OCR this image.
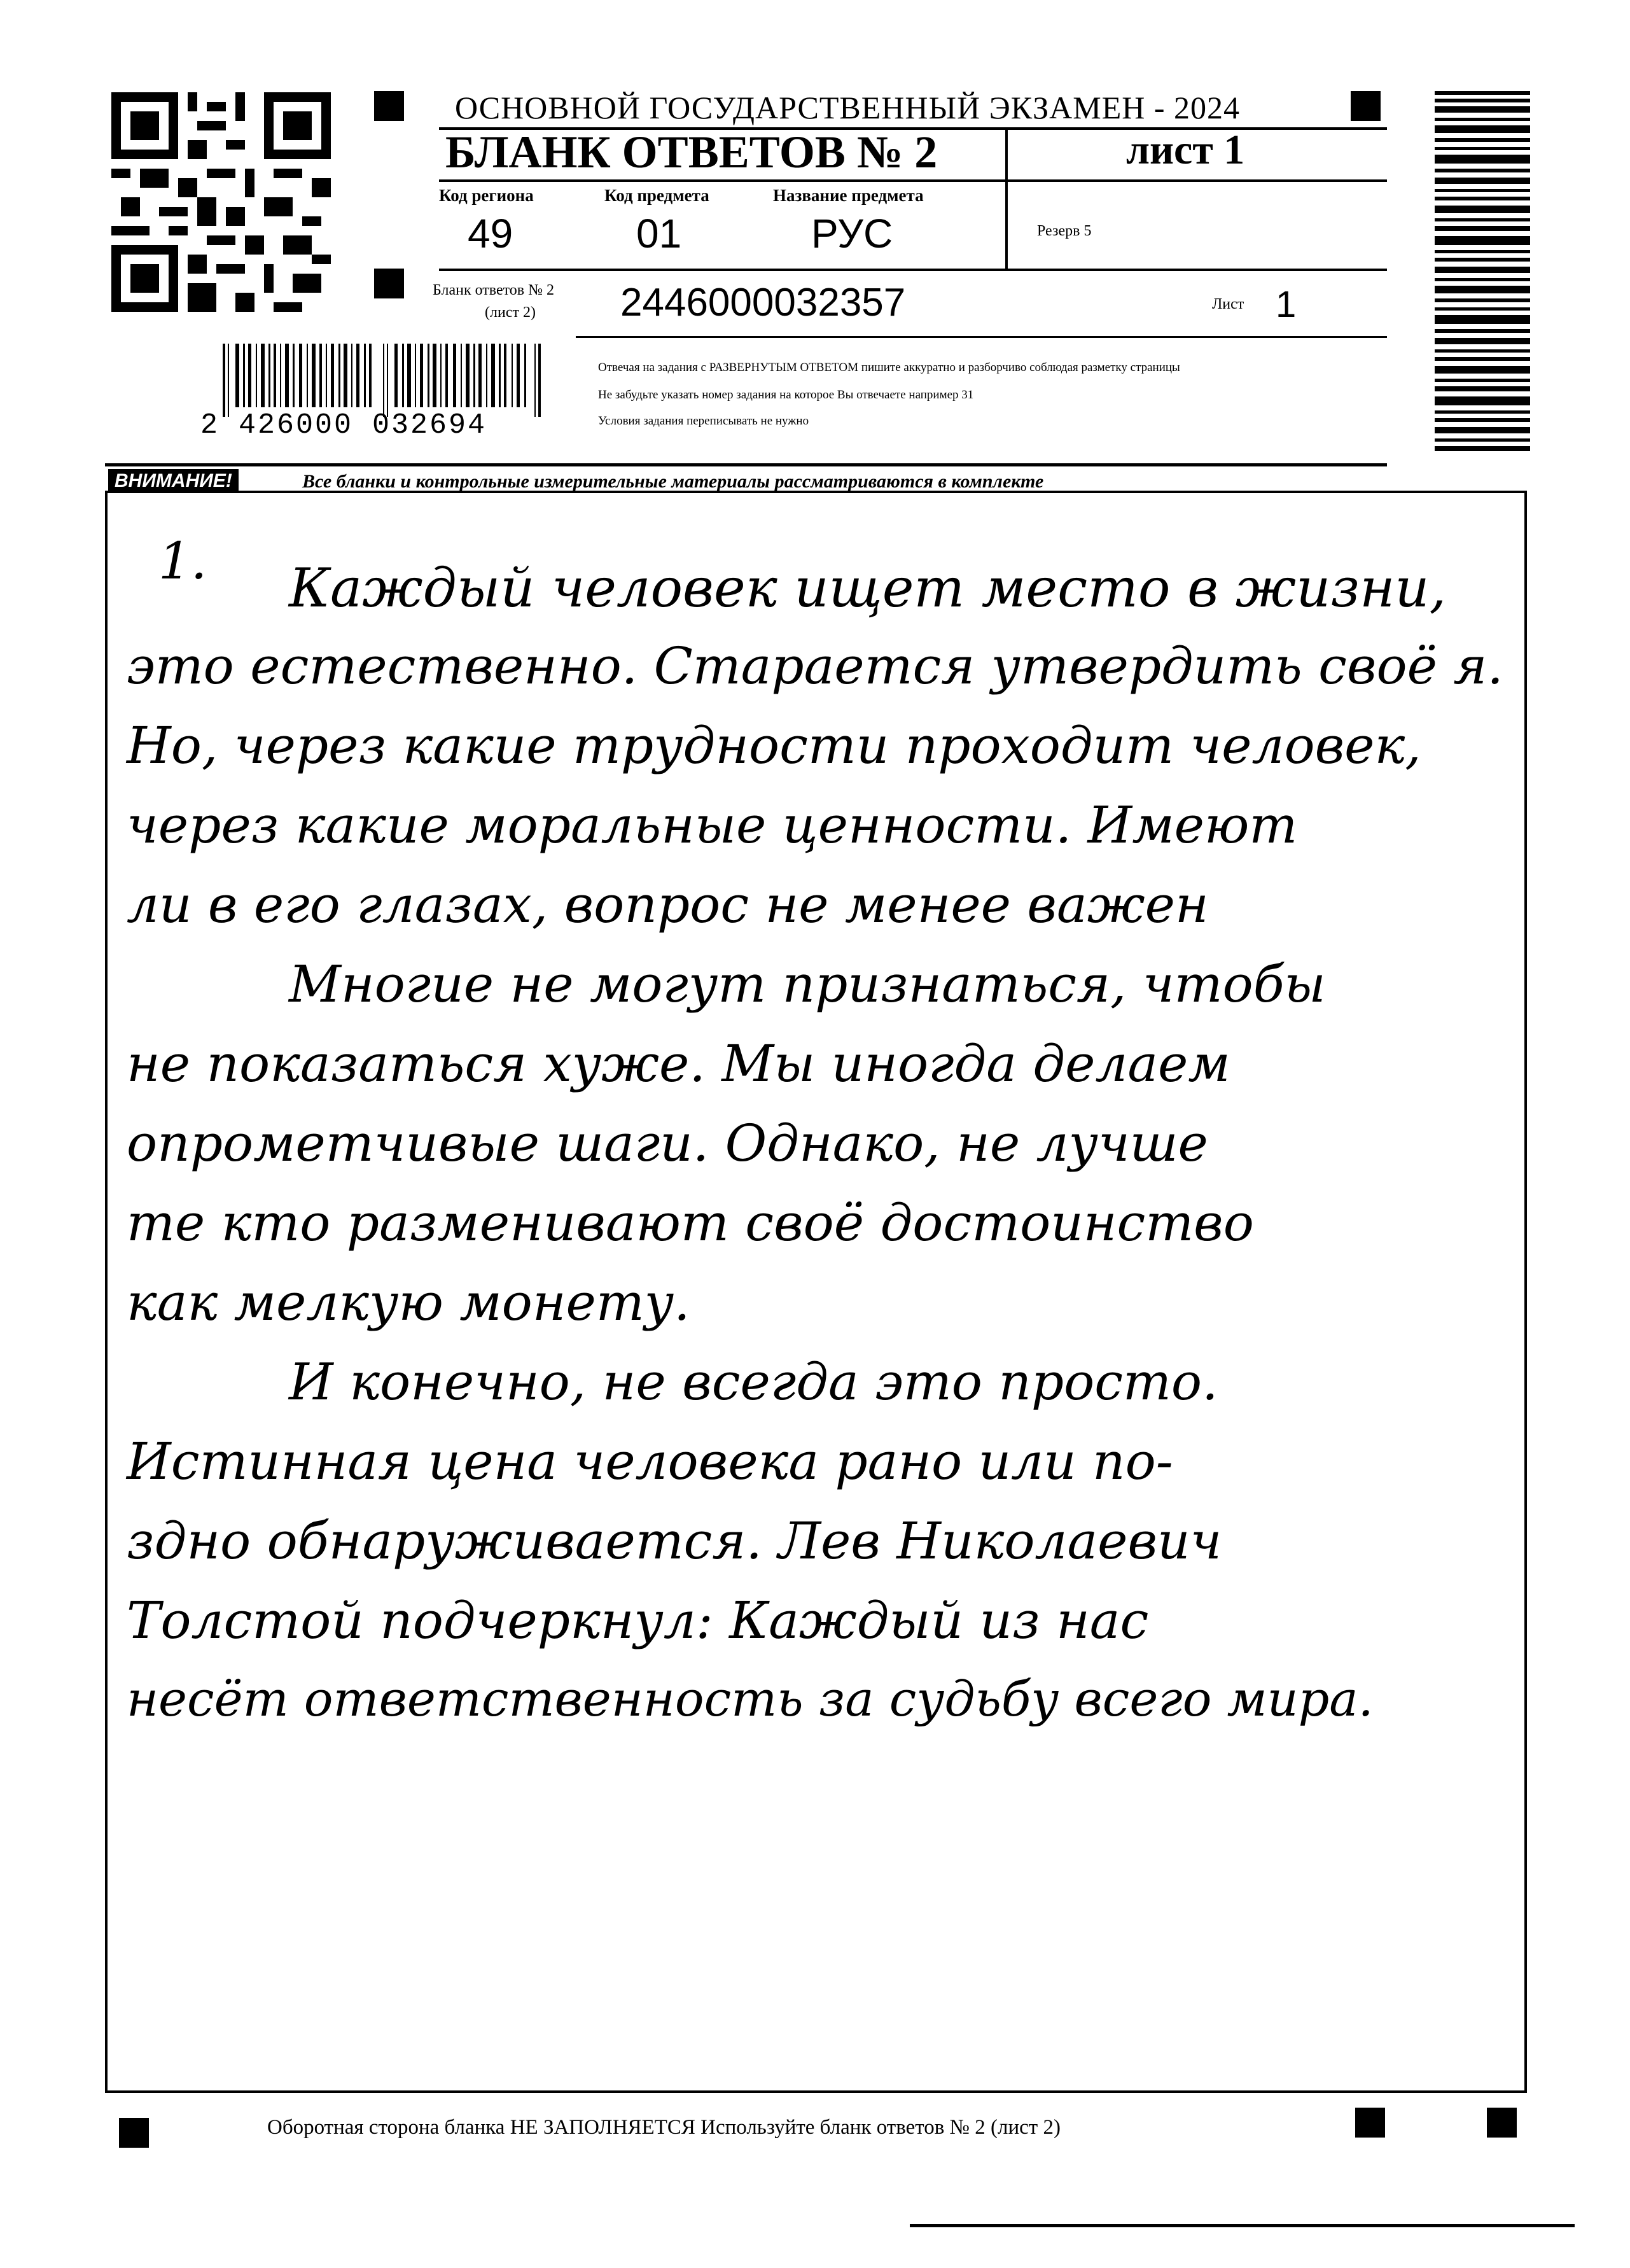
ОСНОВНОЙ ГОСУДАРСТВЕННЫЙ ЭКЗАМЕН - 2024
БЛАНК ОТВЕТОВ № 2	лист 1
Код региона	Код предмета	Название предмета
49	01	РУС	Резерв 5
Бланк ответов № 2
(лист 2) 2446000032357	Лист 1
2 426000 032694
Отвечая на задания с РАЗВЕРНУТЫМ ОТВЕТОМ пишите аккуратно и разборчиво соблюдая разметку страницы
Не забудьте указать номер задания на которое Вы отвечаете например 31
Условия задания переписывать не нужно
ВНИМАНИЕ!	Все бланки и контрольные измерительные материалы рассматриваются в комплекте
1. Каждый человек ищет место в жизни,
это естественно. Старается утвердить своё я.
Но, через какие трудности проходит человек,
через какие моральные ценности. Имеют
ли в его глазах, вопрос не менее важен
Многие не могут признаться, чтобы
не показаться хуже. Мы иногда делаем
опрометчивые шаги. Однако, не лучше
те кто разменивают своё достоинство
как мелкую монету.
И конечно, не всегда это просто.
Истинная цена человека рано или по-
здно обнаруживается. Лев Николаевич
Толстой подчеркнул: Каждый из нас
несёт ответственность за судьбу всего мира.
Оборотная сторона бланка НЕ ЗАПОЛНЯЕТСЯ Используйте бланк ответов № 2 (лист 2)
